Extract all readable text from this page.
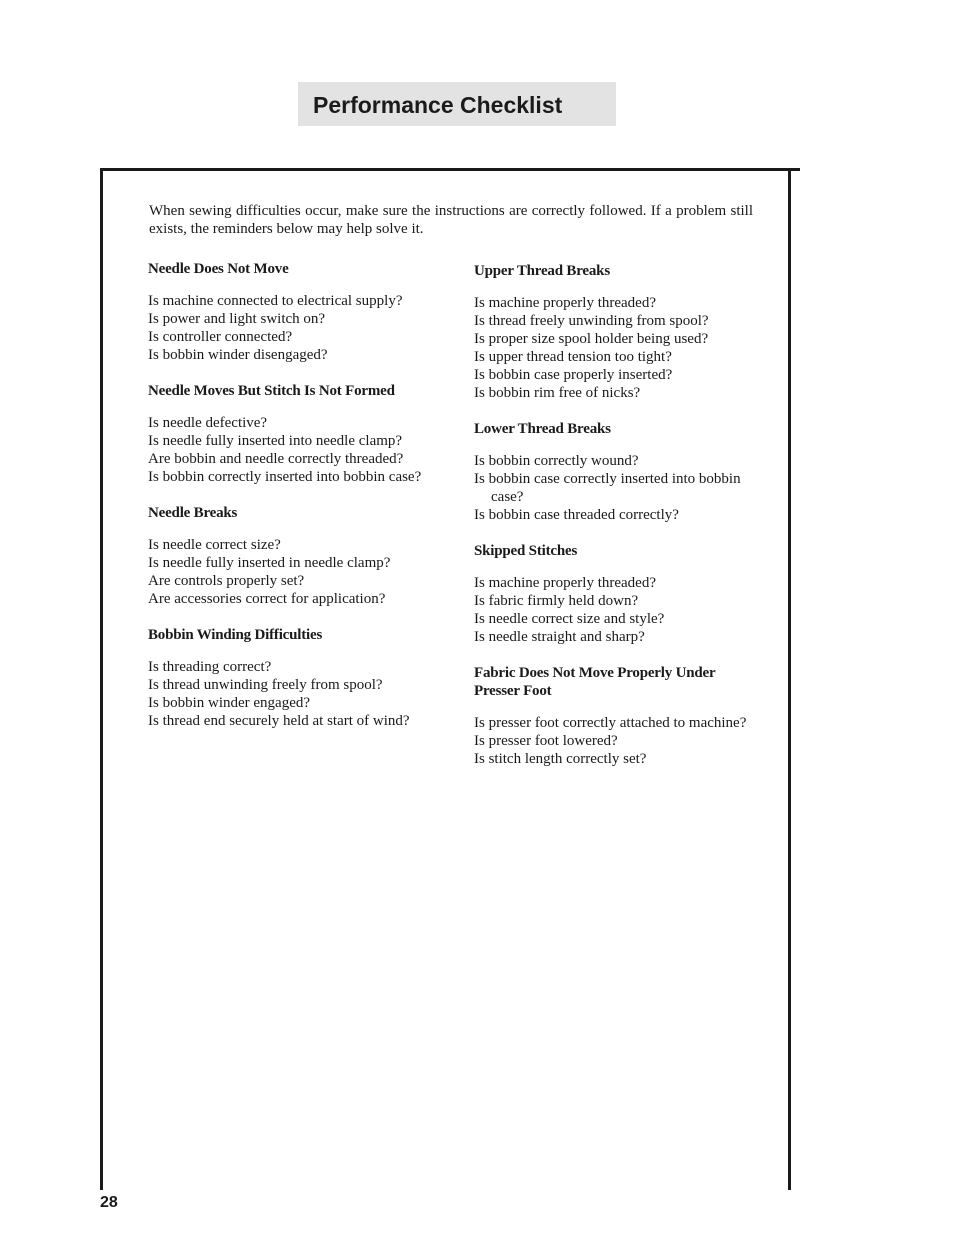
Performance Checklist

When sewing difficulties occur, make sure the instructions are correctly followed. If a problem still exists, the reminders below may help solve it.

Needle Does Not Move

Is machine connected to electrical supply?
Is power and light switch on?
Is controller connected?
Is bobbin winder disengaged?

Needle Moves But Stitch Is Not Formed

Is needle defective?
Is needle fully inserted into needle clamp?
Are bobbin and needle correctly threaded?
Is bobbin correctly inserted into bobbin case?

Needle Breaks

Is needle correct size?
Is needle fully inserted in needle clamp?
Are controls properly set?
Are accessories correct for application?

Bobbin Winding Difficulties

Is threading correct?
Is thread unwinding freely from spool?
Is bobbin winder engaged?
Is thread end securely held at start of wind?

Upper Thread Breaks

Is machine properly threaded?
Is thread freely unwinding from spool?
Is proper size spool holder being used?
Is upper thread tension too tight?
Is bobbin case properly inserted?
Is bobbin rim free of nicks?

Lower Thread Breaks

Is bobbin correctly wound?
Is bobbin case correctly inserted into bobbin case?
Is bobbin case threaded correctly?

Skipped Stitches

Is machine properly threaded?
Is fabric firmly held down?
Is needle correct size and style?
Is needle straight and sharp?

Fabric Does Not Move Properly Under Presser Foot

Is presser foot correctly attached to machine?
Is presser foot lowered?
Is stitch length correctly set?
28
